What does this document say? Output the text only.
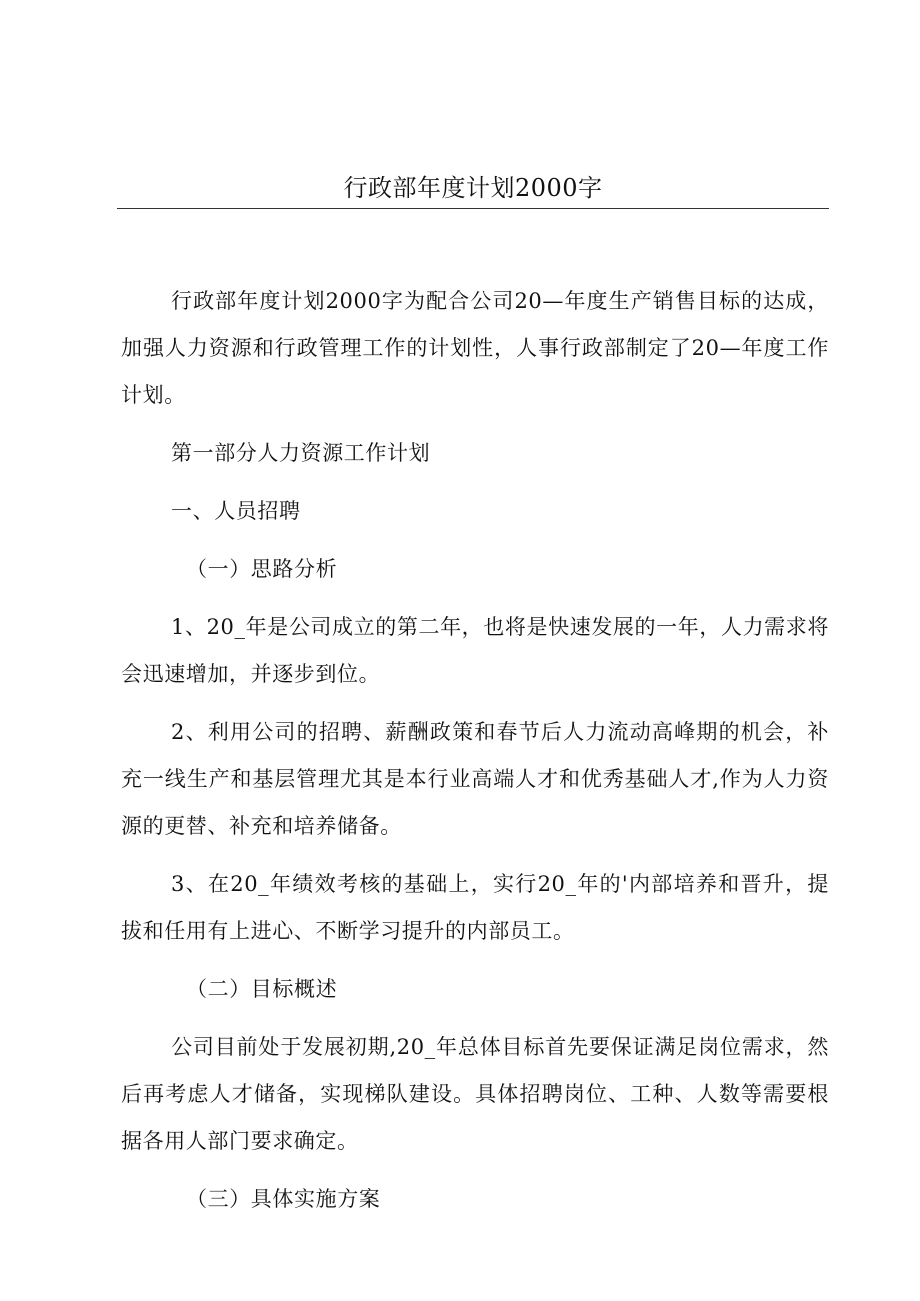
行政部年度计划2000字

行政部年度计划2000字为配合公司20—年度生产销售目标的达成，加强人力资源和行政管理工作的计划性，人事行政部制定了20—年度工作计划。

第一部分人力资源工作计划

一、人员招聘

（一）思路分析

1、20_年是公司成立的第二年，也将是快速发展的一年，人力需求将会迅速增加，并逐步到位。

2、利用公司的招聘、薪酬政策和春节后人力流动高峰期的机会，补充一线生产和基层管理尤其是本行业高端人才和优秀基础人才,作为人力资源的更替、补充和培养储备。

3、在20_年绩效考核的基础上，实行20_年的'内部培养和晋升，提拔和任用有上进心、不断学习提升的内部员工。

（二）目标概述

公司目前处于发展初期,20_年总体目标首先要保证满足岗位需求，然后再考虑人才储备，实现梯队建设。具体招聘岗位、工种、人数等需要根据各用人部门要求确定。

（三）具体实施方案
